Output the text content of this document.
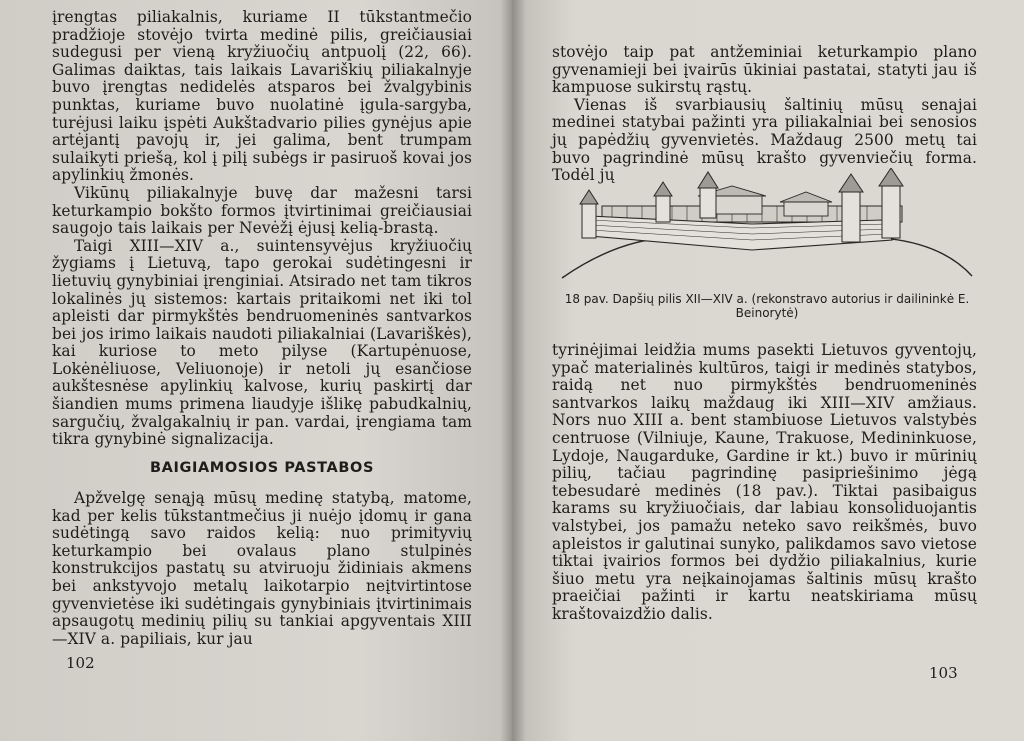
įrengtas piliakalnis, kuriame II tūkstantmečio pradžioje stovėjo tvirta medinė pilis, greičiausiai sudegusi per vieną kryžiuočių antpuolį (22, 66). Galimas daiktas, tais laikais Lavariškių piliakalnyje buvo įrengtas nedidelės atsparos bei žvalgybinis punktas, kuriame buvo nuolatinė įgula-sargyba, turėjusi laiku įspėti Aukštadvario pilies gynėjus apie artėjantį pavojų ir, jei galima, bent trumpam sulaikyti priešą, kol į pilį subėgs ir pasiruoš kovai jos apylinkių žmonės.

Vikūnų piliakalnyje buvę dar mažesni tarsi keturkampio bokšto formos įtvirtinimai greičiausiai saugojo tais laikais per Nevėžį ėjusį kelią-brastą.

Taigi XIII—XIV a., suintensyvėjus kryžiuočių žygiams į Lietuvą, tapo gerokai sudėtingesni ir lietuvių gynybiniai įrenginiai. Atsirado net tam tikros lokalinės jų sistemos: kartais pritaikomi net iki tol apleisti dar pirmykštės bendruomeninės santvarkos bei jos irimo laikais naudoti piliakalniai (Lavariškės), kai kuriose to meto pilyse (Kartupėnuose, Lokėnėliuose, Veliuonoje) ir netoli jų esančiose aukštesnėse apylinkių kalvose, kurių paskirtį dar šiandien mums primena liaudyje išlikę pabudkalnių, sargučių, žvalgakalnių ir pan. vardai, įrengiama tam tikra gynybinė signalizacija.

BAIGIAMOSIOS PASTABOS

Apžvelgę senąją mūsų medinę statybą, matome, kad per kelis tūkstantmečius ji nuėjo įdomų ir gana sudėtingą savo raidos kelią: nuo primityvių keturkampio bei ovalaus plano stulpinės konstrukcijos pastatų su atviruoju židiniais akmens bei ankstyvojo metalų laikotarpio neįtvirtintose gyvenvietėse iki sudėtingais gynybiniais įtvirtinimais apsaugotų medinių pilių su tankiai apgyventais XIII—XIV a. papiliais, kur jau

102

stovėjo taip pat antžeminiai keturkampio plano gyvenamieji bei įvairūs ūkiniai pastatai, statyti jau iš kampuose sukirstų rąstų.

Vienas iš svarbiausių šaltinių mūsų senajai medinei statybai pažinti yra piliakalniai bei senosios jų papėdžių gyvenvietės. Maždaug 2500 metų tai buvo pagrindinė mūsų krašto gyvenviečių forma. Todėl jų

18 pav. Dapšių pilis XII—XIV a. (rekonstravo autorius ir dailininkė E. Beinorytė)

tyrinėjimai leidžia mums pasekti Lietuvos gyventojų, ypač materialinės kultūros, taigi ir medinės statybos, raidą net nuo pirmykštės bendruomeninės santvarkos laikų maždaug iki XIII—XIV amžiaus. Nors nuo XIII a. bent stambiuose Lietuvos valstybės centruose (Vilniuje, Kaune, Trakuose, Medininkuose, Lydoje, Naugarduke, Gardine ir kt.) buvo ir mūrinių pilių, tačiau pagrindinę pasipriešinimo jėgą tebesudarė medinės (18 pav.). Tiktai pasibaigus karams su kryžiuočiais, dar labiau konsoliduojantis valstybei, jos pamažu neteko savo reikšmės, buvo apleistos ir galutinai sunyko, palikdamos savo vietose tiktai įvairios formos bei dydžio piliakalnius, kurie šiuo metu yra neįkainojamas šaltinis mūsų krašto praeičiai pažinti ir kartu neatskiriama mūsų kraštovaizdžio dalis.

103
